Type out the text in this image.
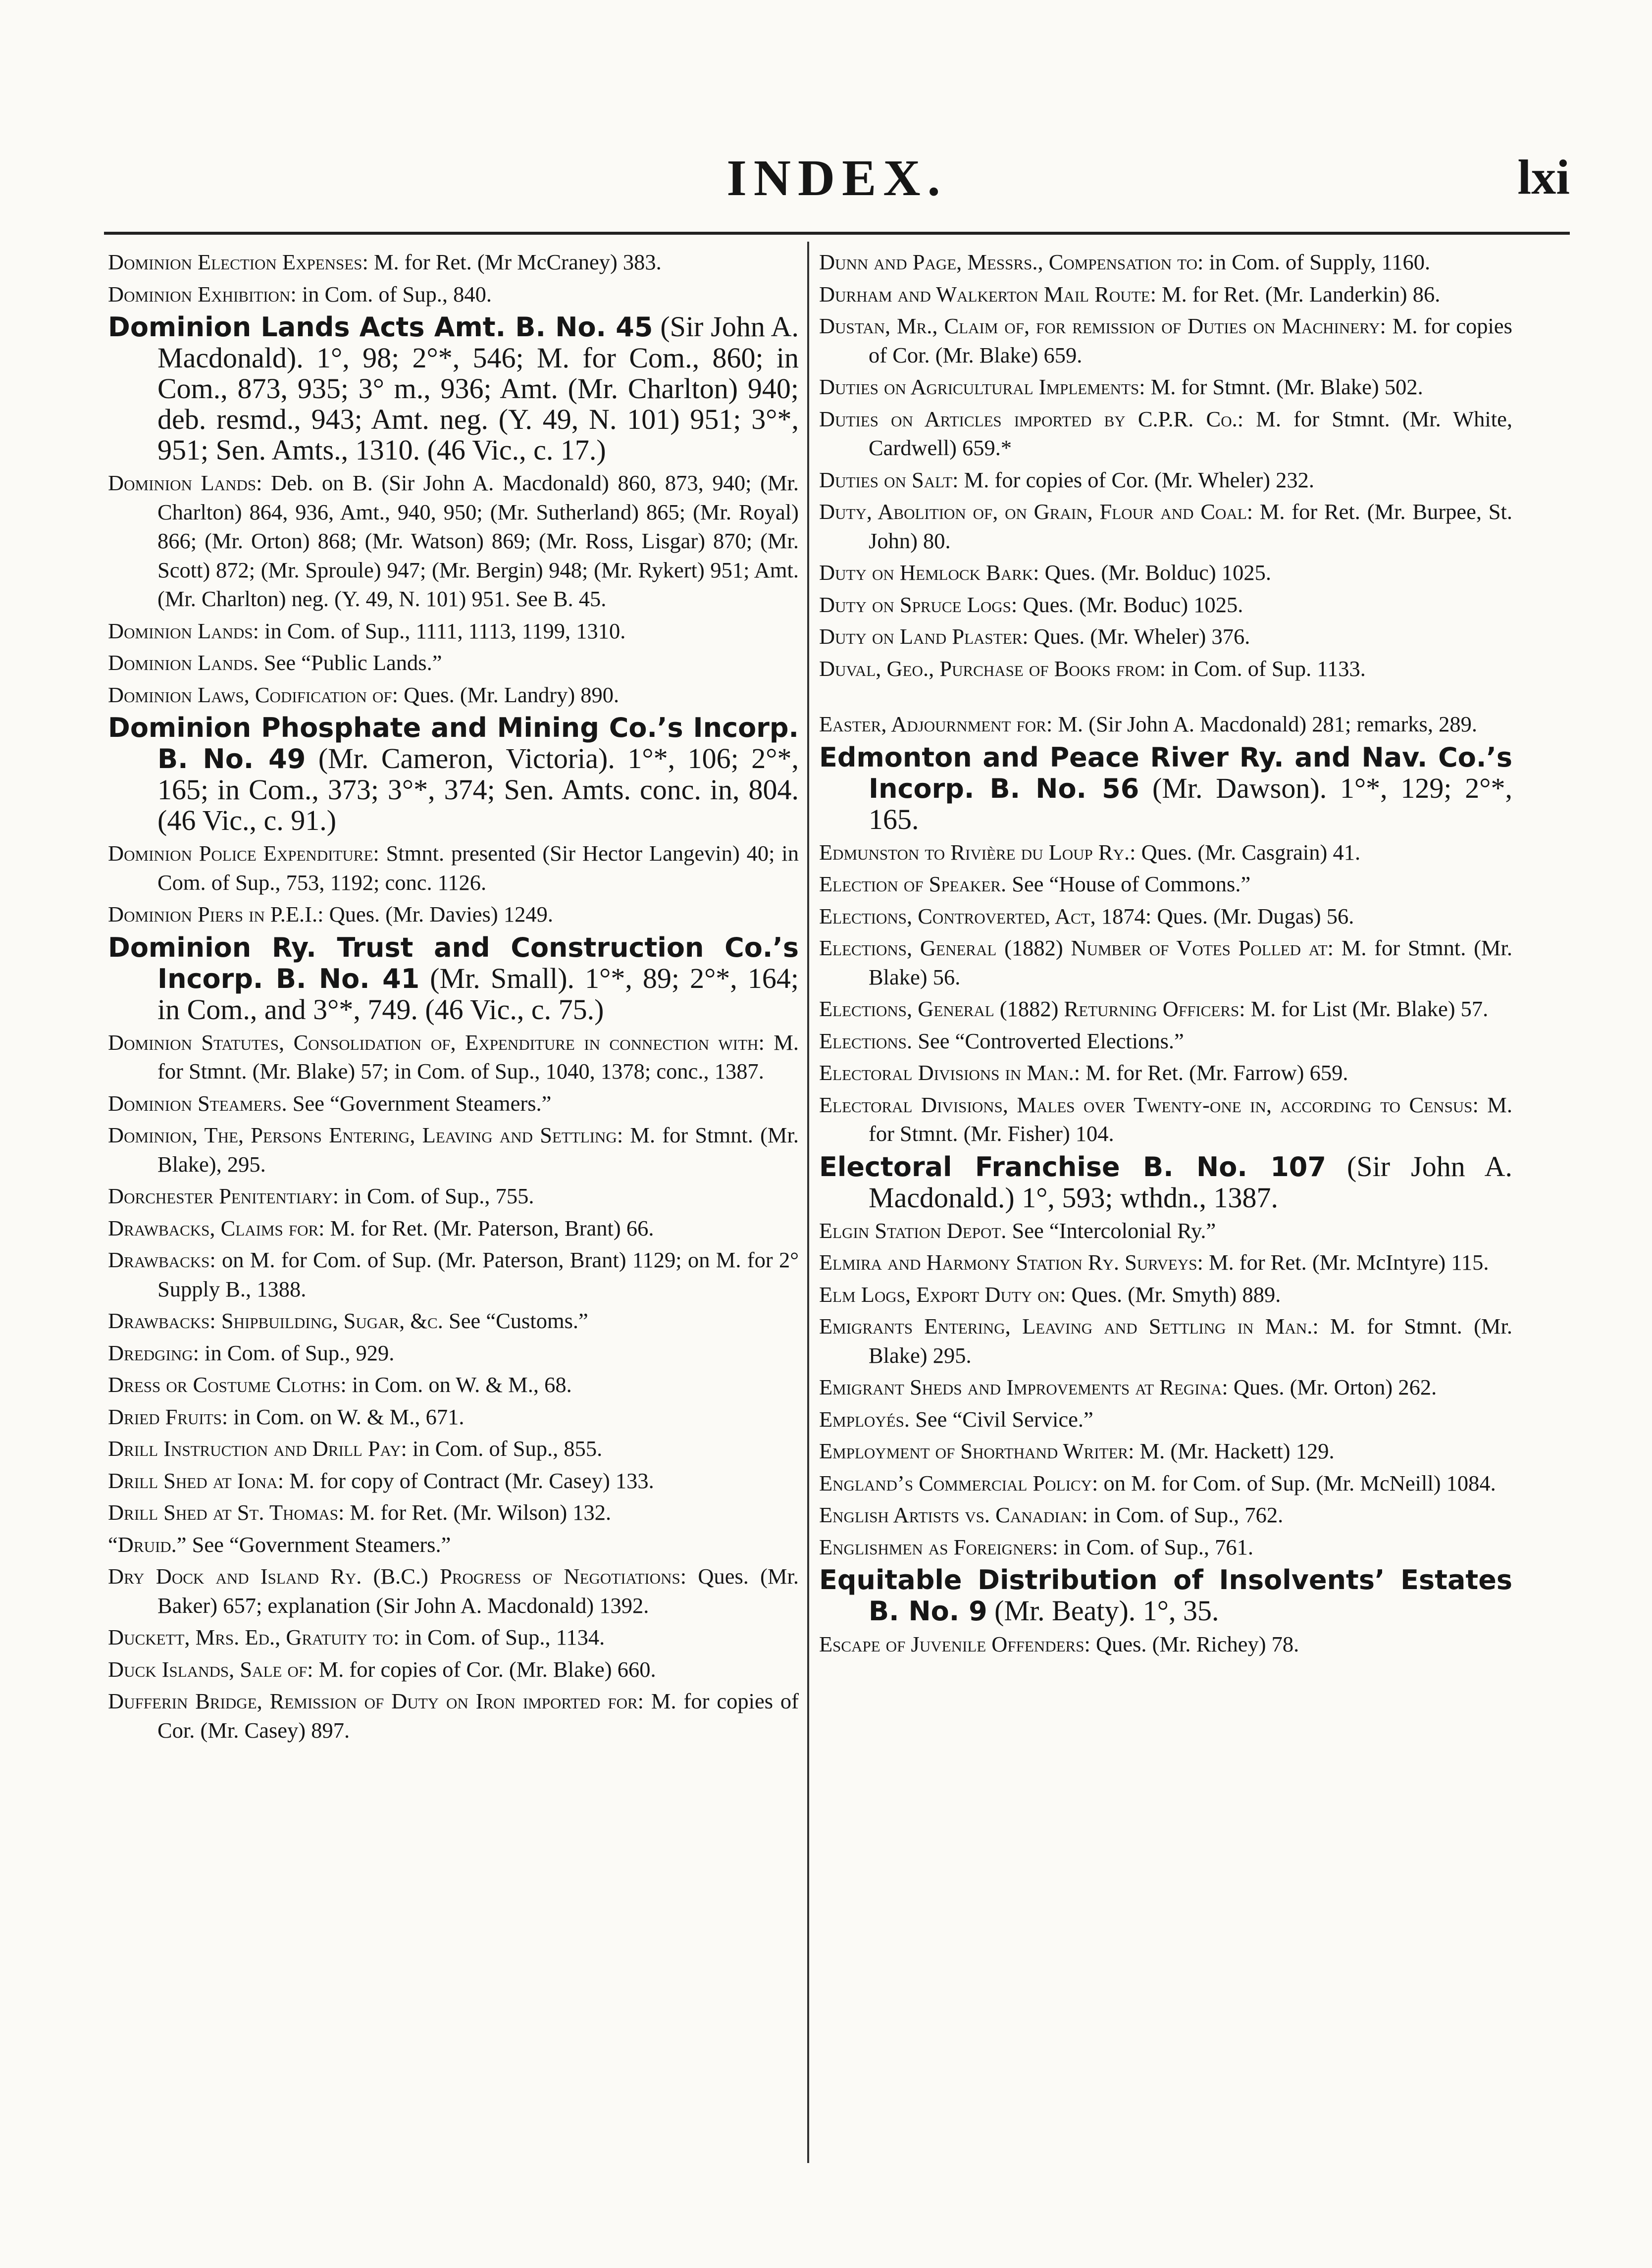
INDEX.	lxi

Dominion Election Expenses: M. for Ret. (Mr McCraney) 383.

Dominion Exhibition: in Com. of Sup., 840.

Dominion Lands Acts Amt. B. No. 45 (Sir John A. Macdonald). 1°, 98; 2°*, 546; M. for Com., 860; in Com., 873, 935; 3° m., 936; Amt. (Mr. Charlton) 940; deb. resmd., 943; Amt. neg. (Y. 49, N. 101) 951; 3°*, 951; Sen. Amts., 1310. (46 Vic., c. 17.)

Dominion Lands: Deb. on B. (Sir John A. Macdonald) 860, 873, 940; (Mr. Charlton) 864, 936, Amt., 940, 950; (Mr. Sutherland) 865; (Mr. Royal) 866; (Mr. Orton) 868; (Mr. Watson) 869; (Mr. Ross, Lisgar) 870; (Mr. Scott) 872; (Mr. Sproule) 947; (Mr. Bergin) 948; (Mr. Rykert) 951; Amt. (Mr. Charlton) neg. (Y. 49, N. 101) 951. See B. 45.

Dominion Lands: in Com. of Sup., 1111, 1113, 1199, 1310.

Dominion Lands. See “Public Lands.”

Dominion Laws, Codification of: Ques. (Mr. Landry) 890.

Dominion Phosphate and Mining Co.’s Incorp. B. No. 49 (Mr. Cameron, Victoria). 1°*, 106; 2°*, 165; in Com., 373; 3°*, 374; Sen. Amts. conc. in, 804. (46 Vic., c. 91.)

Dominion Police Expenditure: Stmnt. presented (Sir Hector Langevin) 40; in Com. of Sup., 753, 1192; conc. 1126.

Dominion Piers in P.E.I.: Ques. (Mr. Davies) 1249.

Dominion Ry. Trust and Construction Co.’s Incorp. B. No. 41 (Mr. Small). 1°*, 89; 2°*, 164; in Com., and 3°*, 749. (46 Vic., c. 75.)

Dominion Statutes, Consolidation of, Expenditure in connection with: M. for Stmnt. (Mr. Blake) 57; in Com. of Sup., 1040, 1378; conc., 1387.

Dominion Steamers. See “Government Steamers.”

Dominion, The, Persons Entering, Leaving and Settling: M. for Stmnt. (Mr. Blake), 295.

Dorchester Penitentiary: in Com. of Sup., 755.

Drawbacks, Claims for: M. for Ret. (Mr. Paterson, Brant) 66.

Drawbacks: on M. for Com. of Sup. (Mr. Paterson, Brant) 1129; on M. for 2° Supply B., 1388.

Drawbacks: Shipbuilding, Sugar, &c. See “Customs.”

Dredging: in Com. of Sup., 929.

Dress or Costume Cloths: in Com. on W. & M., 68.

Dried Fruits: in Com. on W. & M., 671.

Drill Instruction and Drill Pay: in Com. of Sup., 855.

Drill Shed at Iona: M. for copy of Contract (Mr. Casey) 133.

Drill Shed at St. Thomas: M. for Ret. (Mr. Wilson) 132.

“Druid.” See “Government Steamers.”

Dry Dock and Island Ry. (B.C.) Progress of Negotiations: Ques. (Mr. Baker) 657; explanation (Sir John A. Macdonald) 1392.

Duckett, Mrs. Ed., Gratuity to: in Com. of Sup., 1134.

Duck Islands, Sale of: M. for copies of Cor. (Mr. Blake) 660.

Dufferin Bridge, Remission of Duty on Iron imported for: M. for copies of Cor. (Mr. Casey) 897.

Dunn and Page, Messrs., Compensation to: in Com. of Supply, 1160.

Durham and Walkerton Mail Route: M. for Ret. (Mr. Landerkin) 86.

Dustan, Mr., Claim of, for remission of Duties on Machinery: M. for copies of Cor. (Mr. Blake) 659.

Duties on Agricultural Implements: M. for Stmnt. (Mr. Blake) 502.

Duties on Articles imported by C.P.R. Co.: M. for Stmnt. (Mr. White, Cardwell) 659.*

Duties on Salt: M. for copies of Cor. (Mr. Wheler) 232.

Duty, Abolition of, on Grain, Flour and Coal: M. for Ret. (Mr. Burpee, St. John) 80.

Duty on Hemlock Bark: Ques. (Mr. Bolduc) 1025.

Duty on Spruce Logs: Ques. (Mr. Boduc) 1025.

Duty on Land Plaster: Ques. (Mr. Wheler) 376.

Duval, Geo., Purchase of Books from: in Com. of Sup. 1133.

Easter, Adjournment for: M. (Sir John A. Macdonald) 281; remarks, 289.

Edmonton and Peace River Ry. and Nav. Co.’s Incorp. B. No. 56 (Mr. Dawson). 1°*, 129; 2°*, 165.

Edmunston to Rivière du Loup Ry.: Ques. (Mr. Casgrain) 41.

Election of Speaker. See “House of Commons.”

Elections, Controverted, Act, 1874: Ques. (Mr. Dugas) 56.

Elections, General (1882) Number of Votes Polled at: M. for Stmnt. (Mr. Blake) 56.

Elections, General (1882) Returning Officers: M. for List (Mr. Blake) 57.

Elections. See “Controverted Elections.”

Electoral Divisions in Man.: M. for Ret. (Mr. Farrow) 659.

Electoral Divisions, Males over Twenty-one in, according to Census: M. for Stmnt. (Mr. Fisher) 104.

Electoral Franchise B. No. 107 (Sir John A. Macdonald.) 1°, 593; wthdn., 1387.

Elgin Station Depot. See “Intercolonial Ry.”

Elmira and Harmony Station Ry. Surveys: M. for Ret. (Mr. McIntyre) 115.

Elm Logs, Export Duty on: Ques. (Mr. Smyth) 889.

Emigrants Entering, Leaving and Settling in Man.: M. for Stmnt. (Mr. Blake) 295.

Emigrant Sheds and Improvements at Regina: Ques. (Mr. Orton) 262.

Employés. See “Civil Service.”

Employment of Shorthand Writer: M. (Mr. Hackett) 129.

England’s Commercial Policy: on M. for Com. of Sup. (Mr. McNeill) 1084.

English Artists vs. Canadian: in Com. of Sup., 762.

Englishmen as Foreigners: in Com. of Sup., 761.

Equitable Distribution of Insolvents’ Estates B. No. 9 (Mr. Beaty). 1°, 35.

Escape of Juvenile Offenders: Ques. (Mr. Richey) 78.
